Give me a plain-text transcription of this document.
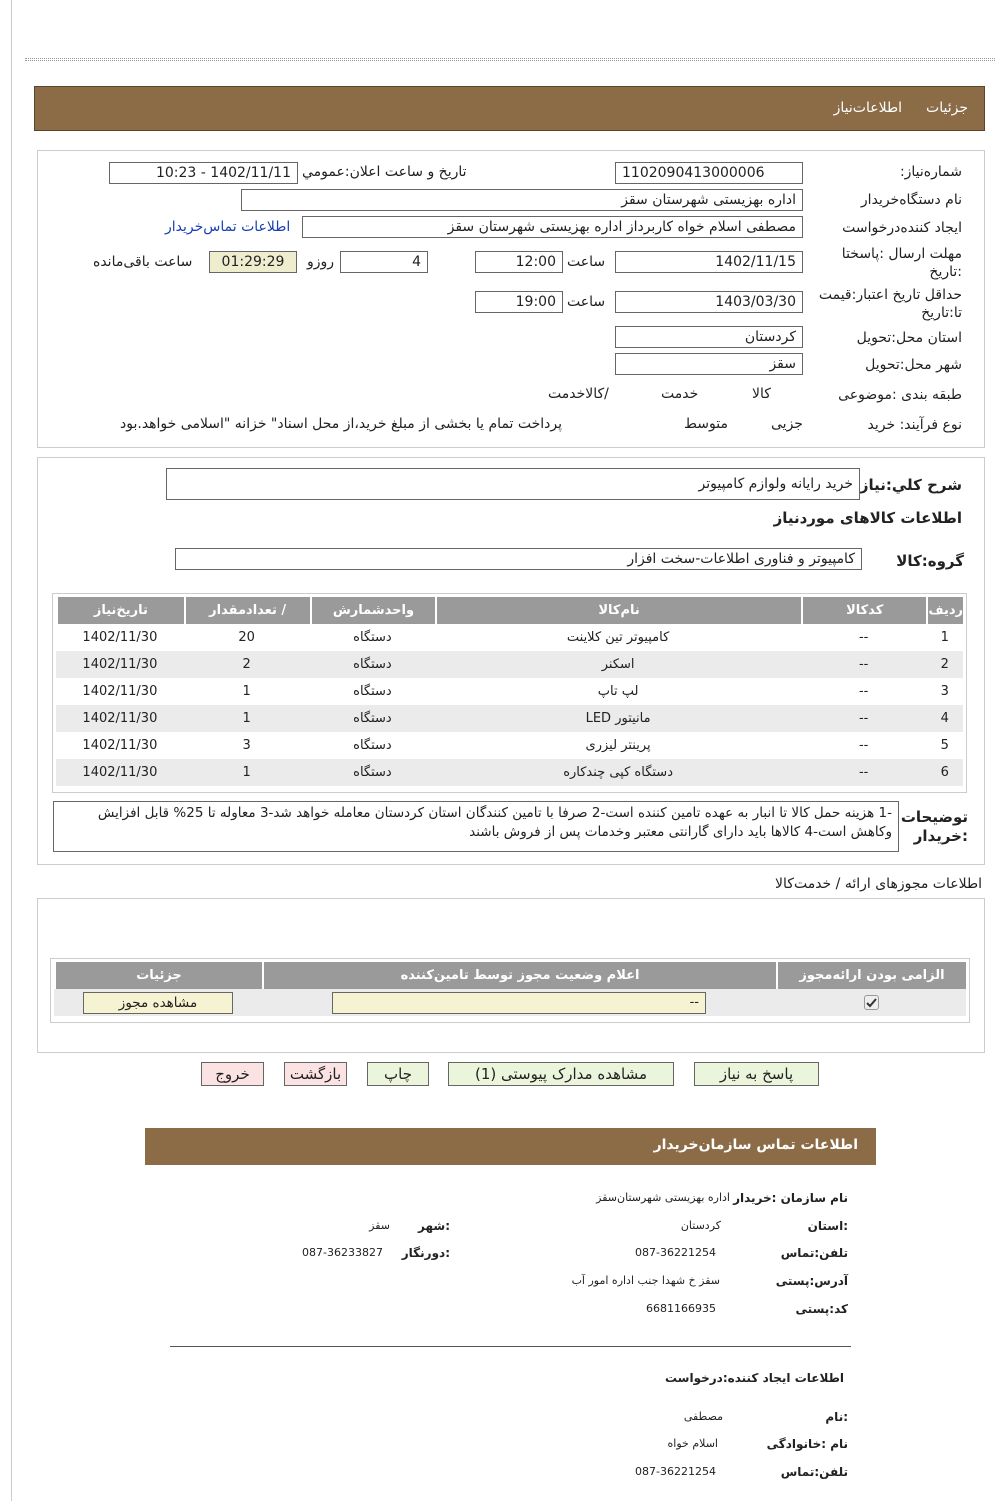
جزئیات
اطلاعات‌نیاز
شماره‌نیاز:
1102090413000006
تاریخ و ساعت اعلان:عمومي
1402/11/11 - 10:23
نام دستگاه‌خریدار
اداره بهزیستی شهرستان سقز
ایجاد کننده‌درخواست
مصطفی اسلام خواه کاربرداز اداره بهزیستی شهرستان سقز
اطلاعات تماس‌خریدار
مهلت ارسال :پاسختا :تاریخ
1402/11/15
ساعت
12:00
4
روزو
01:29:29
ساعت باقی‌مانده
حداقل تاریخ اعتبار:قیمت تا:تاریخ
1403/03/30
ساعت
19:00
استان محل:تحویل
کردستان
شهر محل:تحویل
سقز
طبقه بندی :موضوعی

کالا

خدمت

/کالاخدمت
نوع فرآیند: خرید

جزیی

متوسط
پرداخت تمام یا بخشی از مبلغ خرید،از محل اسناد" خزانه "اسلامی خواهد.بود
شرح کلي:نیاز
خرید رایانه ولوازم کامپیوتر
اطلاعات کالاهای موردنیاز
گروه:کالا
کامپیوتر و فناوری اطلاعات-سخت افزار
ردیف	کدکالا	نام‌کالا	واحدشمارش	/ تعدادمقدار	تاریخ‌نیاز
1	--	کامپیوتر تین کلاینت	دستگاه	20	1402/11/30
2	--	اسکنر	دستگاه	2	1402/11/30
3	--	لپ تاپ	دستگاه	1	1402/11/30
4	--	مانیتور LED	دستگاه	1	1402/11/30
5	--	پرینتر لیزری	دستگاه	3	1402/11/30
6	--	دستگاه کپی چندکاره	دستگاه	1	1402/11/30
توضیحات :خریدار
-1 هزینه حمل کالا تا انبار به عهده تامین کننده است-2 صرفا با تامین کنندگان استان کردستان معامله خواهد شد-3 معاوله تا 25% قابل افزایش وکاهش است-4 کالاها باید دارای گارانتی معتبر وخدمات پس از فروش باشند
اطلاعات مجوزهای ارائه / خدمت‌کالا
الزامی بودن ارائه‌مجوز	اعلام وضعیت مجوز توسط تامین‌کننده	جزئیات

--	مشاهده مجوز
پاسخ به نیاز
مشاهده مدارک پیوستی (1)
چاپ
بازگشت
خروج
اطلاعات تماس سازمان‌خریدار
نام سازمان :خریدار
اداره بهزیستی شهرستان‌سقز
:استان
کردستان
:شهر
سقز
تلفن:تماس
087-36221254
:دورنگار
087-36233827
آدرس:پستی
سقز خ شهدا جنب اداره امور آب
کد:پستی
6681166935
اطلاعات ایجاد کننده:درخواست
:نام
مصطفی
نام :خانوادگی
اسلام خواه
تلفن:تماس
087-36221254
